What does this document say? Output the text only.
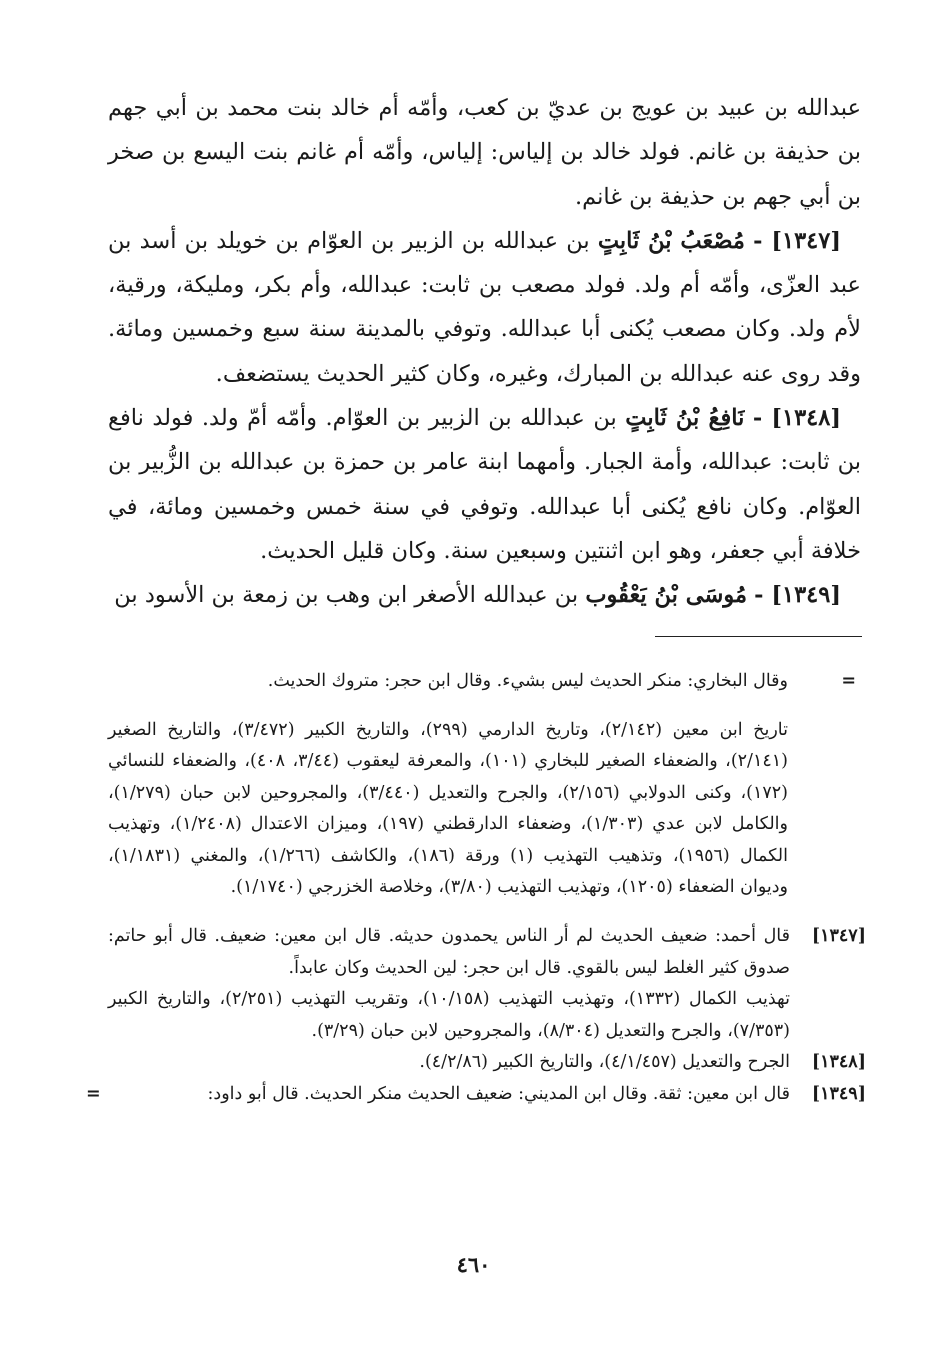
عبدالله بن عبيد بن عويج بن عديّ بن كعب، وأمّه أم خالد بنت محمد بن أبي جهم بن حذيفة بن غانم. فولد خالد بن إلياس: إلياس، وأمّه أم غانم بنت اليسع بن صخر بن أبي جهم بن حذيفة بن غانم.

[١٣٤٧] - مُصْعَبُ بْنُ ثَابِتٍ بن عبدالله بن الزبير بن العوّام بن خويلد بن أسد بن عبد العزّى، وأمّه أم ولد. فولد مصعب بن ثابت: عبدالله، وأم بكر، ومليكة، ورقية، لأم ولد. وكان مصعب يُكنى أبا عبدالله. وتوفي بالمدينة سنة سبع وخمسين ومائة. وقد روى عنه عبدالله بن المبارك، وغيره، وكان كثير الحديث يستضعف.

[١٣٤٨] - نَافِعُ بْنُ ثَابِتٍ بن عبدالله بن الزبير بن العوّام. وأمّه أمّ ولد. فولد نافع بن ثابت: عبدالله، وأمة الجبار. وأمهما ابنة عامر بن حمزة بن عبدالله بن الزُّبير بن العوّام. وكان نافع يُكنى أبا عبدالله. وتوفي في سنة خمس وخمسين ومائة، في خلافة أبي جعفر، وهو ابن اثنتين وسبعين سنة. وكان قليل الحديث.

[١٣٤٩] - مُوسَى بْنُ يَعْقُوب بن عبدالله الأصغر ابن وهب بن زمعة بن الأسود بن

=

وقال البخاري: منكر الحديث ليس بشيء. وقال ابن حجر: متروك الحديث.

تاريخ ابن معين (٢/١٤٢)، وتاريخ الدارمي (٢٩٩)، والتاريخ الكبير (٣/٤٧٢)، والتاريخ الصغير (٢/١٤١)، والضعفاء الصغير للبخاري (١٠١)، والمعرفة ليعقوب (٣/٤٤، ٤٠٨)، والضعفاء للنسائي (١٧٢)، وكنى الدولابي (٢/١٥٦)، والجرح والتعديل (٣/٤٤٠)، والمجروحين لابن حبان (١/٢٧٩)، والكامل لابن عدي (١/٣٠٣)، وضعفاء الدارقطني (١٩٧)، وميزان الاعتدال (١/٢٤٠٨)، وتهذيب الكمال (١٩٥٦)، وتذهيب التهذيب (١) ورقة (١٨٦)، والكاشف (١/٢٦٦)، والمغني (١/١٨٣١)، وديوان الضعفاء (١٢٠٥)، وتهذيب التهذيب (٣/٨٠)، وخلاصة الخزرجي (١/١٧٤٠).

[١٣٤٧]

قال أحمد: ضعيف الحديث لم أر الناس يحمدون حديثه. قال ابن معين: ضعيف. قال أبو حاتم: صدوق كثير الغلط ليس بالقوي. قال ابن حجر: لين الحديث وكان عابداً.

تهذيب الكمال (١٣٣٢)، وتهذيب التهذيب (١٠/١٥٨)، وتقريب التهذيب (٢/٢٥١)، والتاريخ الكبير (٧/٣٥٣)، والجرح والتعديل (٨/٣٠٤)، والمجروحين لابن حبان (٣/٢٩).

[١٣٤٨]

الجرح والتعديل (٤/١/٤٥٧)، والتاريخ الكبير (٤/٢/٨٦).

[١٣٤٩]

قال ابن معين: ثقة. وقال ابن المديني: ضعيف الحديث منكر الحديث. قال أبو داود:

=
٤٦٠
